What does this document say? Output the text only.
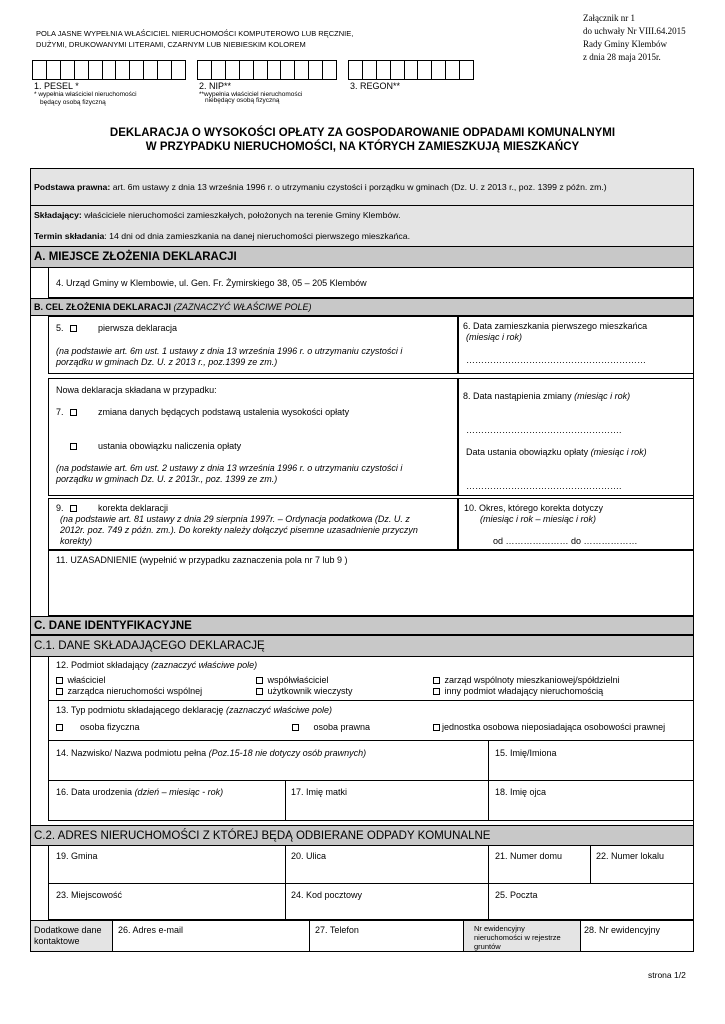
POLA JASNE WYPEŁNIA WŁAŚCICIEL NIERUCHOMOŚCI KOMPUTEROWO LUB RĘCZNIE,
DUŻYMI, DRUKOWANYMI LITERAMI, CZARNYM LUB NIEBIESKIM KOLOREM
Załącznik nr 1
do uchwały Nr VIII.64.2015
Rady Gminy Klembów
z dnia 28 maja 2015r.
1. PESEL *
* wypełnia właściciel nieruchomości
będący osobą fizyczną
2. NIP**
**wypełnia właściciel nieruchomości
niebędący osobą fizyczną
3. REGON**
DEKLARACJA O WYSOKOŚCI OPŁATY ZA GOSPODAROWANIE ODPADAMI KOMUNALNYMI
W PRZYPADKU NIERUCHOMOŚCI, NA KTÓRYCH ZAMIESZKUJĄ MIESZKAŃCY
Podstawa prawna: art. 6m ustawy z dnia 13 września 1996 r. o utrzymaniu czystości i porządku w gminach (Dz. U. z 2013 r., poz. 1399 z późn. zm.)
Składający: właściciele nieruchomości zamieszkałych, położonych na terenie Gminy Klembów.
Termin składania: 14 dni od dnia zamieszkania na danej nieruchomości pierwszego mieszkańca.
A. MIEJSCE ZŁOŻENIA DEKLARACJI
4. Urząd Gminy w Klembowie, ul. Gen. Fr. Żymirskiego 38, 05 – 205 Klembów
B. CEL ZŁOŻENIA DEKLARACJI (ZAZNACZYĆ WŁAŚCIWE POLE)
5.	pierwsza deklaracja
(na podstawie art. 6m ust. 1 ustawy z dnia 13 września 1996 r. o utrzymaniu czystości i
porządku w gminach Dz. U. z 2013 r., poz.1399 ze zm.)
6. Data zamieszkania pierwszego mieszkańca
(miesiąc i rok)
……………………………………………………
Nowa deklaracja składana w przypadku:
7.	zmiana danych będących podstawą ustalenia wysokości opłaty
ustania obowiązku naliczenia opłaty
(na podstawie art. 6m ust. 2 ustawy z dnia 13 września 1996 r. o utrzymaniu czystości i
porządku w gminach Dz. U. z 2013r., poz. 1399 ze zm.)
8. Data nastąpienia zmiany (miesiąc i rok)
…………………………………………….
Data ustania obowiązku opłaty (miesiąc i rok)
…………………………………………….
9.	korekta deklaracji
(na podstawie art. 81 ustawy z dnia 29 sierpnia 1997r. – Ordynacja podatkowa (Dz. U. z
2012r. poz. 749 z późn. zm.). Do korekty należy dołączyć pisemne uzasadnienie przyczyn
korekty)
10. Okres, którego korekta dotyczy
(miesiąc i rok – miesiąc i rok)
od ………………… do ………………
11. UZASADNIENIE (wypełnić w przypadku zaznaczenia pola nr 7 lub 9 )
C. DANE IDENTYFIKACYJNE
C.1. DANE SKŁADAJĄCEGO DEKLARACJĘ
12. Podmiot składający (zaznaczyć właściwe pole)
właściciel	współwłaściciel	zarząd wspólnoty mieszkaniowej/spółdzielni
zarządca nieruchomości wspólnej	użytkownik wieczysty	inny podmiot władający nieruchomością
13. Typ podmiotu składającego deklarację (zaznaczyć właściwe pole)
osoba fizyczna	osoba prawna	jednostka osobowa nieposiadająca osobowości prawnej
14. Nazwisko/ Nazwa podmiotu pełna (Poz.15-18 nie dotyczy osób prawnych)	15. Imię/Imiona
16. Data urodzenia (dzień – miesiąc - rok)	17. Imię matki	18. Imię ojca
C.2. ADRES NIERUCHOMOŚCI Z KTÓREJ BĘDĄ ODBIERANE ODPADY KOMUNALNE
19. Gmina	20. Ulica	21. Numer domu	22. Numer lokalu
23. Miejscowość	24. Kod pocztowy	25. Poczta
Dodatkowe dane
kontaktowe
26. Adres e-mail	27. Telefon	Nr ewidencyjny
nieruchomości w rejestrze
gruntów
28. Nr ewidencyjny
strona 1/2
